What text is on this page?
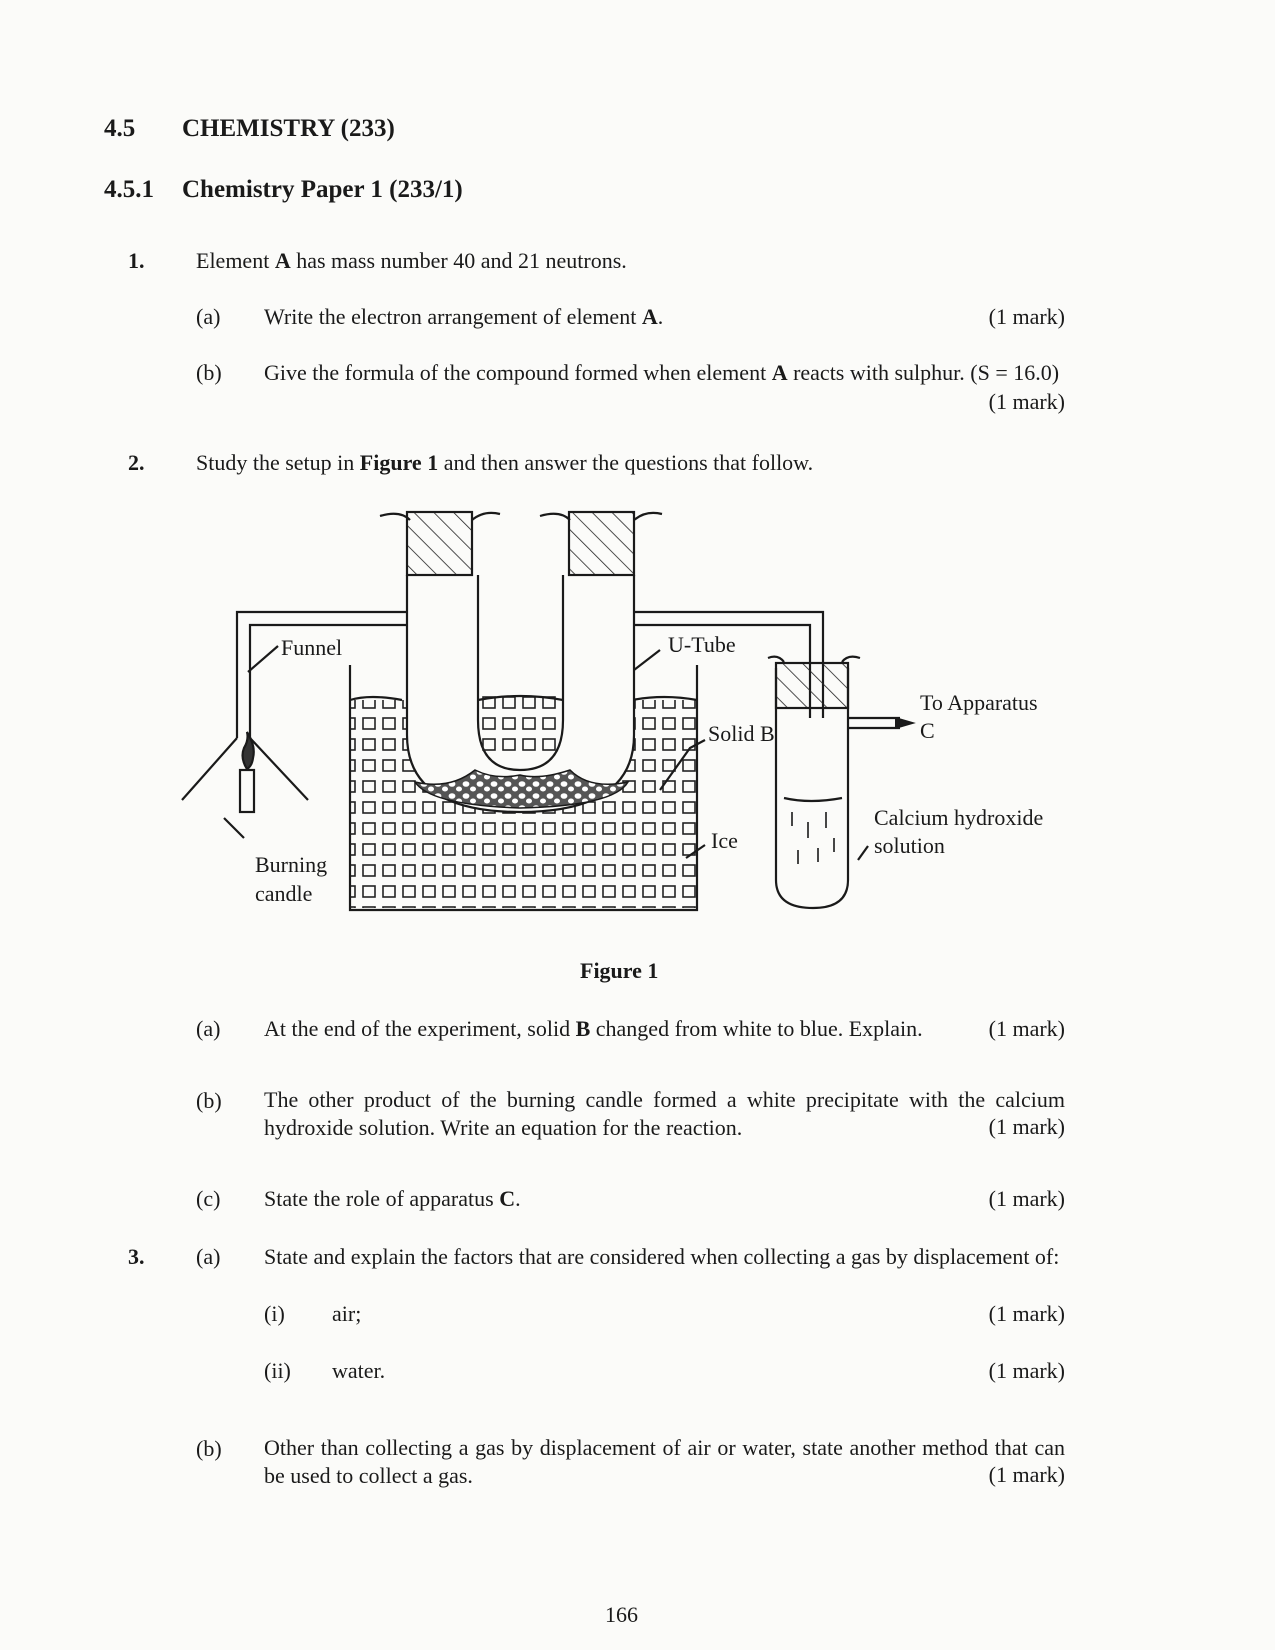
4.5 CHEMISTRY (233)
4.5.1 Chemistry Paper 1 (233/1)
1. Element A has mass number 40 and 21 neutrons.
(a) Write the electron arrangement of element A.	(1 mark)
(b) Give the formula of the compound formed when element A reacts with sulphur. (S = 16.0)
(1 mark)
2. Study the setup in Figure 1 and then answer the questions that follow.
Funnel	U-Tube
Solid B
To Apparatus
C
Calcium hydroxide
solution
Ice
Burning
candle
Figure 1
(a) At the end of the experiment, solid B changed from white to blue. Explain.	(1 mark)
(b) The other product of the burning candle formed a white precipitate with the calcium
hydroxide solution. Write an equation for the reaction.	(1 mark)
(c) State the role of apparatus C.	(1 mark)
3. (a) State and explain the factors that are considered when collecting a gas by displacement of:
(i) air;	(1 mark)
(ii) water.	(1 mark)
(b) Other than collecting a gas by displacement of air or water, state another method that can
be used to collect a gas.	(1 mark)
166
